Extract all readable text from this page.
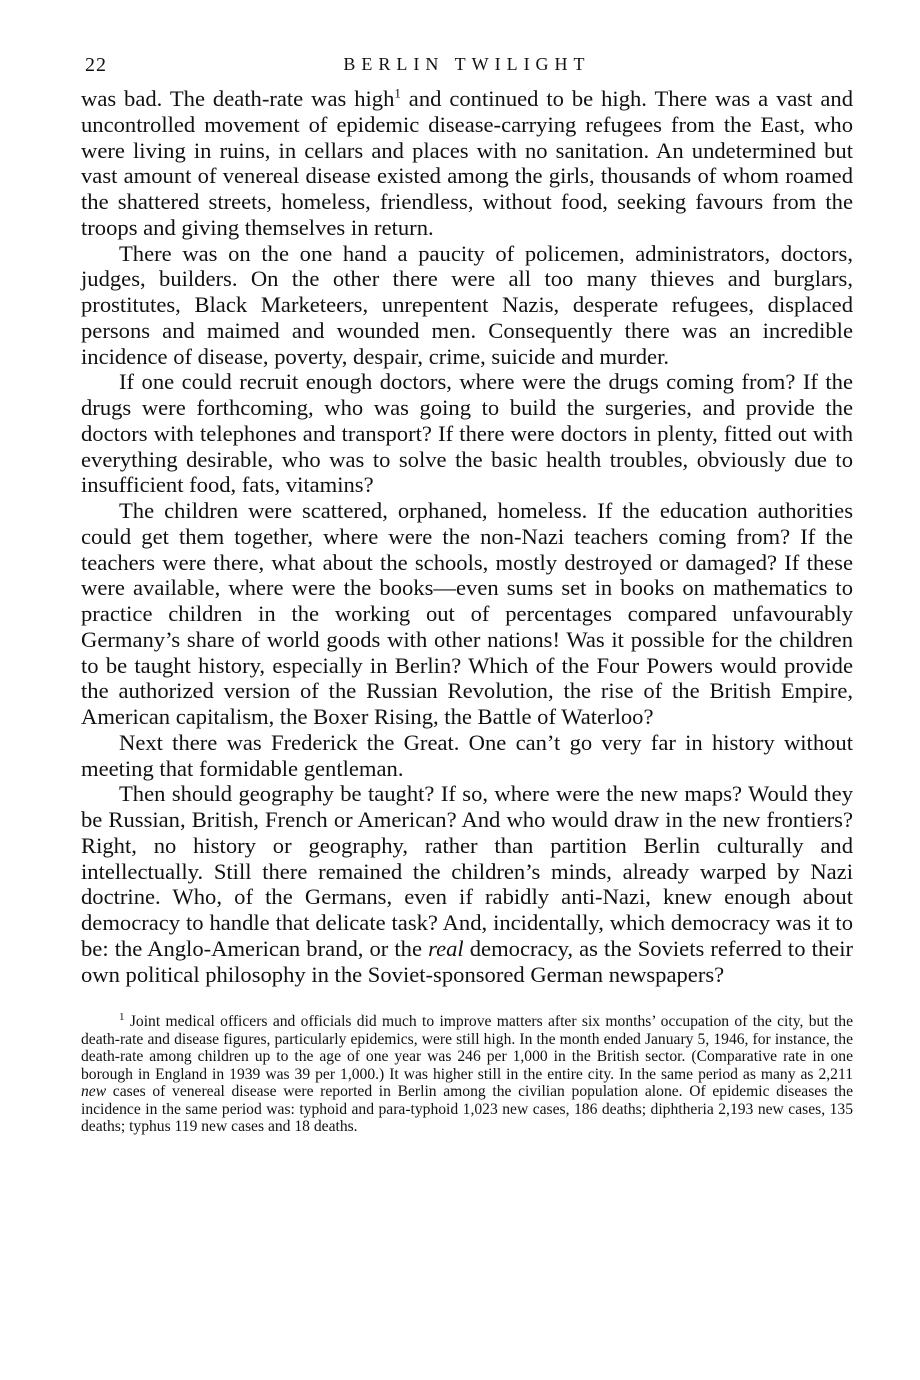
22	BERLIN TWILIGHT

was bad. The death-rate was high$^1$ and continued to be high. There was a vast and uncontrolled movement of epidemic disease-carrying refugees from the East, who were living in ruins, in cellars and places with no sanitation. An undetermined but vast amount of venereal disease existed among the girls, thousands of whom roamed the shattered streets, homeless, friendless, without food, seeking favours from the troops and giving themselves in return.

There was on the one hand a paucity of policemen, administrators, doctors, judges, builders. On the other there were all too many thieves and burglars, prostitutes, Black Marketeers, unrepentent Nazis, desperate refugees, displaced persons and maimed and wounded men. Consequently there was an incredible incidence of disease, poverty, despair, crime, suicide and murder.

If one could recruit enough doctors, where were the drugs coming from? If the drugs were forthcoming, who was going to build the surgeries, and provide the doctors with telephones and transport? If there were doctors in plenty, fitted out with everything desirable, who was to solve the basic health troubles, obviously due to insufficient food, fats, vitamins?

The children were scattered, orphaned, homeless. If the education authorities could get them together, where were the non-Nazi teachers coming from? If the teachers were there, what about the schools, mostly destroyed or damaged? If these were available, where were the books—even sums set in books on mathematics to practice children in the working out of percentages compared unfavourably Germany’s share of world goods with other nations! Was it possible for the children to be taught history, especially in Berlin? Which of the Four Powers would provide the authorized version of the Russian Revolution, the rise of the British Empire, American capitalism, the Boxer Rising, the Battle of Waterloo?

Next there was Frederick the Great. One can’t go very far in history without meeting that formidable gentleman.

Then should geography be taught? If so, where were the new maps? Would they be Russian, British, French or American? And who would draw in the new frontiers? Right, no history or geography, rather than partition Berlin culturally and intellectually. Still there remained the children’s minds, already warped by Nazi doctrine. Who, of the Germans, even if rabidly anti-Nazi, knew enough about democracy to handle that delicate task? And, incidentally, which democracy was it to be: the Anglo-American brand, or the real democracy, as the Soviets referred to their own political philosophy in the Soviet-sponsored German newspapers?

$^1$ Joint medical officers and officials did much to improve matters after six months’ occupation of the city, but the death-rate and disease figures, particularly epidemics, were still high. In the month ended January 5, 1946, for instance, the death-rate among children up to the age of one year was 246 per 1,000 in the British sector. (Comparative rate in one borough in England in 1939 was 39 per 1,000.) It was higher still in the entire city. In the same period as many as 2,211 new cases of venereal disease were reported in Berlin among the civilian population alone. Of epidemic diseases the incidence in the same period was: typhoid and para-typhoid 1,023 new cases, 186 deaths; diphtheria 2,193 new cases, 135 deaths; typhus 119 new cases and 18 deaths.
